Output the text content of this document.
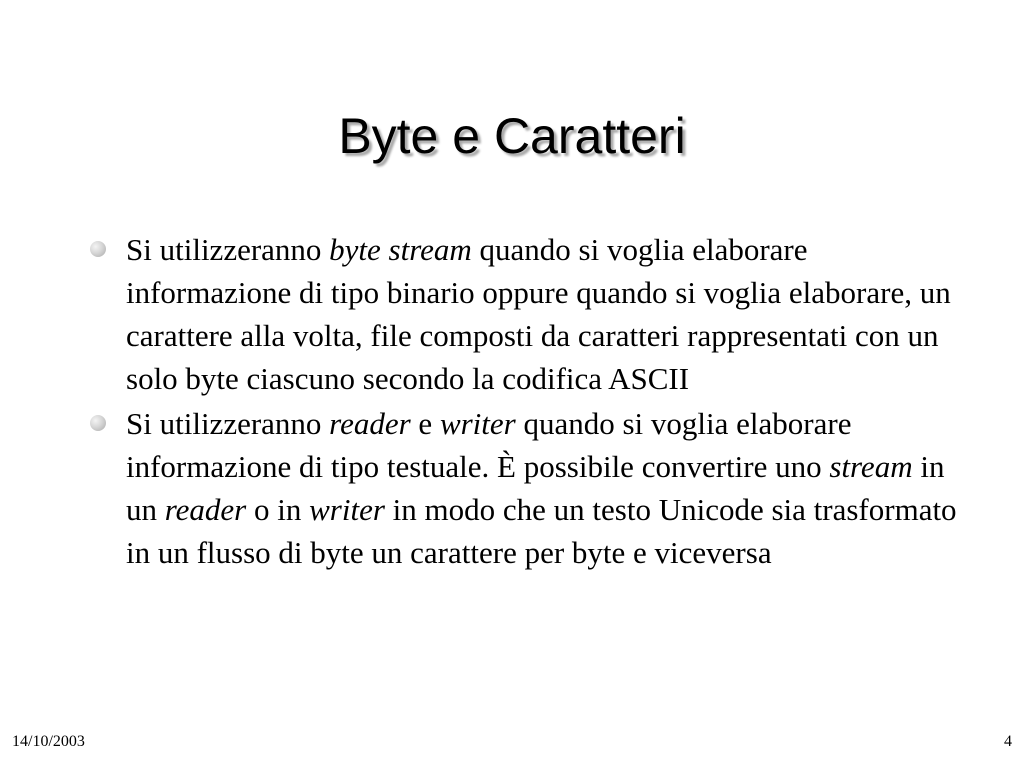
Byte e Caratteri
Si utilizzeranno byte stream quando si voglia elaborare informazione di tipo binario oppure quando si voglia elaborare, un carattere alla volta, file composti da caratteri rappresentati con un solo byte ciascuno secondo la codifica ASCII
Si utilizzeranno reader e writer quando si voglia elaborare informazione di tipo testuale. È possibile convertire uno stream in un reader o in writer in modo che un testo Unicode sia trasformato in un flusso di byte un carattere per byte e viceversa
14/10/2003	4
